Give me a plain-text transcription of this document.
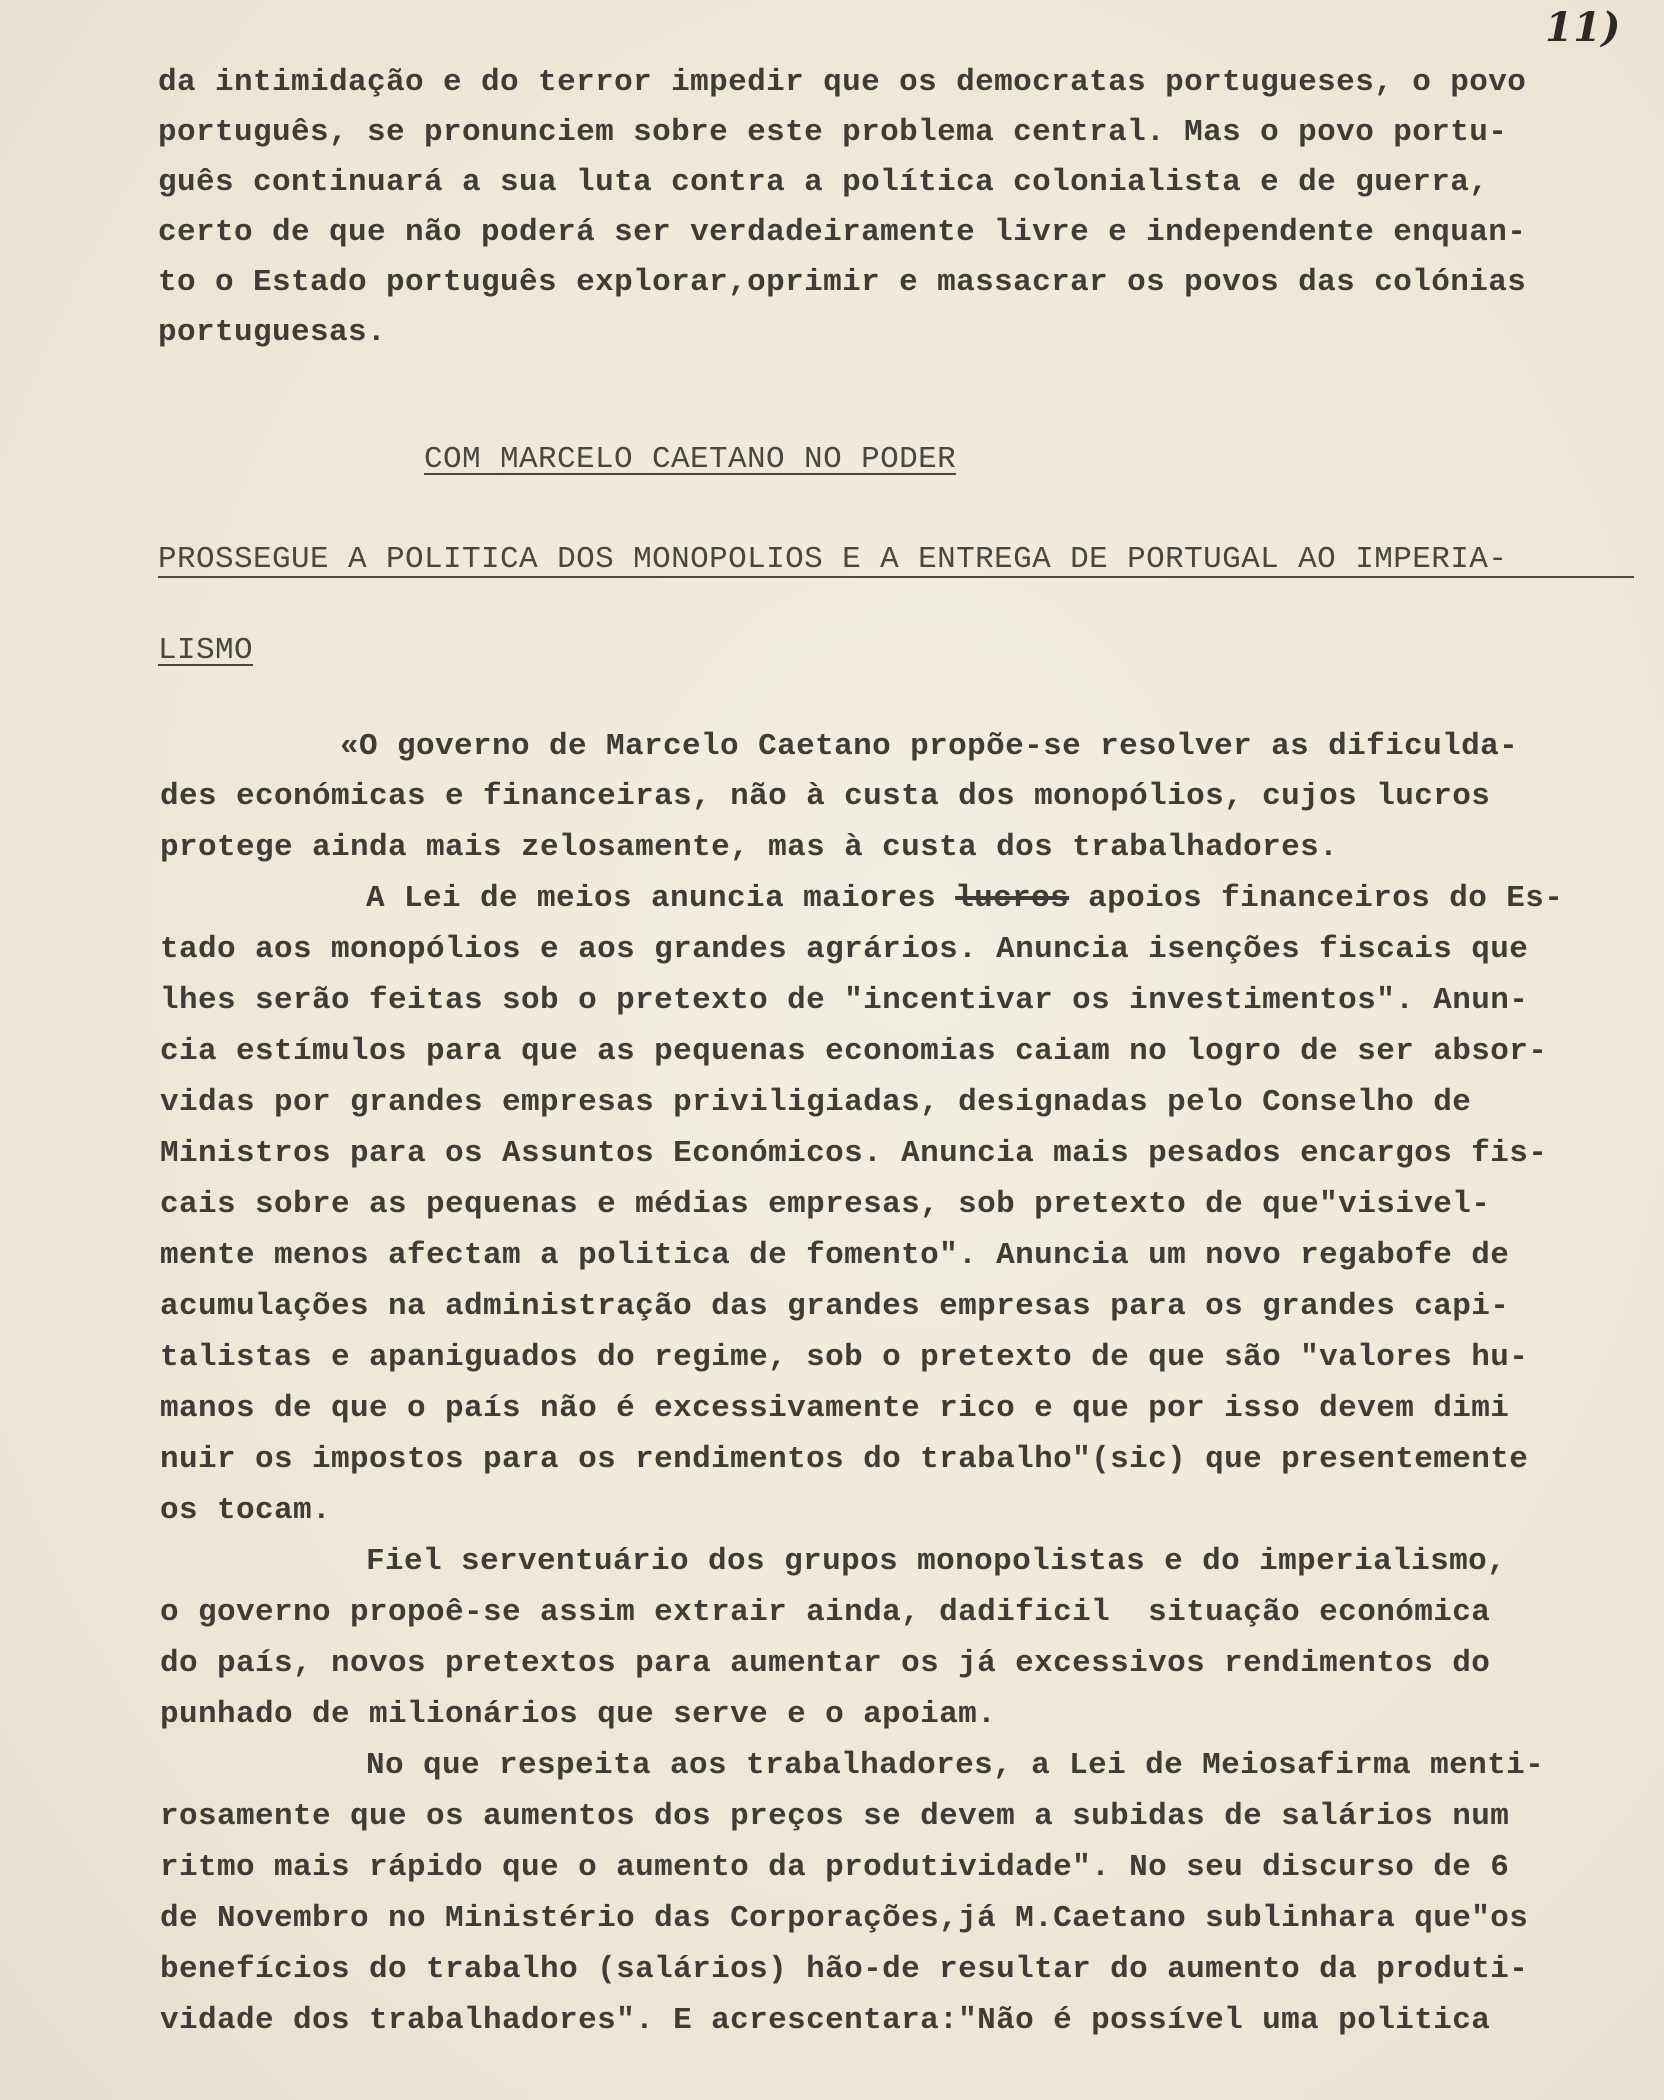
11)
da intimidação e do terror impedir que os democratas portugueses, o povo
português, se pronunciem sobre este problema central. Mas o povo portu-
guês continuará a sua luta contra a política colonialista e de guerra,
certo de que não poderá ser verdadeiramente livre e independente enquan-
to o Estado português explorar,oprimir e massacrar os povos das colónias
portuguesas.
COM MARCELO CAETANO NO PODER
PROSSEGUE A POLITICA DOS MONOPOLIOS E A ENTREGA DE PORTUGAL AO IMPERIA-
LISMO
«O governo de Marcelo Caetano propõe-se resolver as dificulda-
des económicas e financeiras, não à custa dos monopólios, cujos lucros
protege ainda mais zelosamente, mas à custa dos trabalhadores.
A Lei de meios anuncia maiores lucros apoios financeiros do Es-
tado aos monopólios e aos grandes agrários. Anuncia isenções fiscais que
lhes serão feitas sob o pretexto de "incentivar os investimentos". Anun-
cia estímulos para que as pequenas economias caiam no logro de ser absor-
vidas por grandes empresas priviligiadas, designadas pelo Conselho de
Ministros para os Assuntos Económicos. Anuncia mais pesados encargos fis-
cais sobre as pequenas e médias empresas, sob pretexto de que"visivel-
mente menos afectam a politica de fomento". Anuncia um novo regabofe de
acumulações na administração das grandes empresas para os grandes capi-
talistas e apaniguados do regime, sob o pretexto de que são "valores hu-
manos de que o país não é excessivamente rico e que por isso devem dimi
nuir os impostos para os rendimentos do trabalho"(sic) que presentemente
os tocam.
Fiel serventuário dos grupos monopolistas e do imperialismo,
o governo propoê-se assim extrair ainda, dadificil  situação económica
do país, novos pretextos para aumentar os já excessivos rendimentos do
punhado de milionários que serve e o apoiam.
No que respeita aos trabalhadores, a Lei de Meiosafirma menti-
rosamente que os aumentos dos preços se devem a subidas de salários num
ritmo mais rápido que o aumento da produtividade". No seu discurso de 6
de Novembro no Ministério das Corporações,já M.Caetano sublinhara que"os
benefícios do trabalho (salários) hão-de resultar do aumento da produti-
vidade dos trabalhadores". E acrescentara:"Não é possível uma politica
